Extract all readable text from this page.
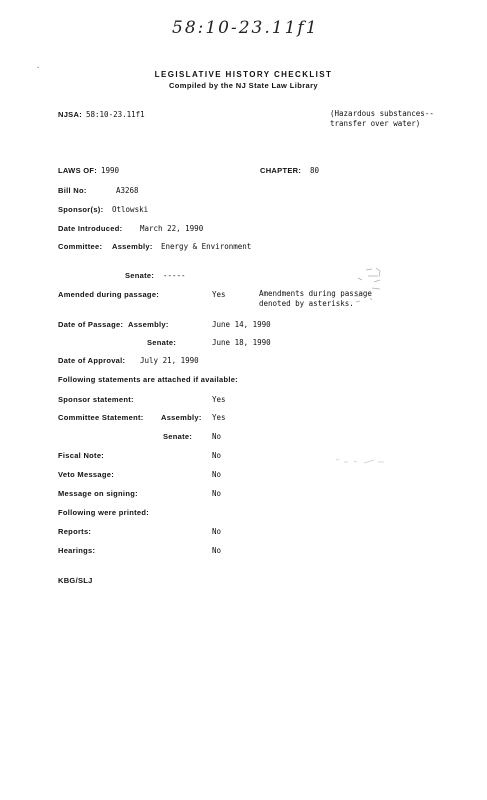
58:10-23.11f1
LEGISLATIVE HISTORY CHECKLIST
Compiled by the NJ State Law Library
NJSA: 58:10-23.11f1	(Hazardous substances--transfer over water)
LAWS OF: 1990	CHAPTER: 80
Bill No:	A3268
Sponsor(s): Otlowski
Date Introduced: March 22, 1990
Committee: Assembly: Energy & Environment
Senate: -----
Amended during passage:	Yes	Amendments during passage denoted by asterisks.
Date of Passage: Assembly:	June 14, 1990
Senate:	June 18, 1990
Date of Approval: July 21, 1990
Following statements are attached if available:
Sponsor statement:	Yes
Committee Statement: Assembly: Yes
Senate:	No
Fiscal Note:	No
Veto Message:	No
Message on signing:	No
Following were printed:
Reports:	No
Hearings:	No
KBG/SLJ
·
